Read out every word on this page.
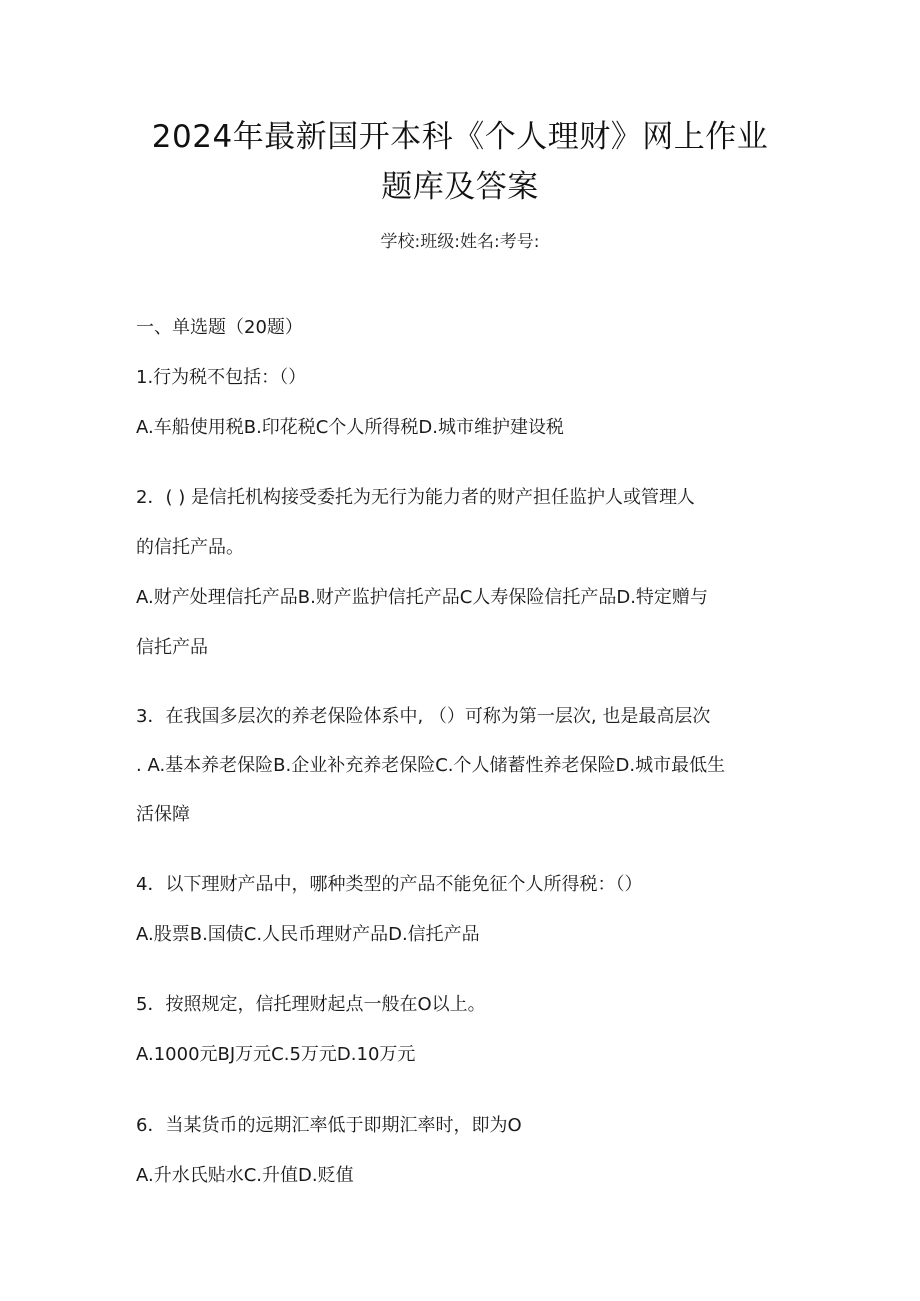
2024年最新国开本科《个人理财》网上作业
题库及答案
学校:班级:姓名:考号:
一、单选题（20题）
1.行为税不包括：（）
A.车船使用税B.印花税C个人所得税D.城市维护建设税
2．( ) 是信托机构接受委托为无行为能力者的财产担任监护人或管理人
的信托产品。
A.财产处理信托产品B.财产监护信托产品C人寿保险信托产品D.特定赠与
信托产品
3．在我国多层次的养老保险体系中, （）可称为第一层次, 也是最高层次
. A.基本养老保险B.企业补充养老保险C.个人储蓄性养老保险D.城市最低生
活保障
4．以下理财产品中，哪种类型的产品不能免征个人所得税：（）
A.股票B.国债C.人民币理财产品D.信托产品
5．按照规定，信托理财起点一般在O以上。
A.1000元BJ万元C.5万元D.10万元
6．当某货币的远期汇率低于即期汇率时，即为O
A.升水氏贴水C.升值D.贬值
